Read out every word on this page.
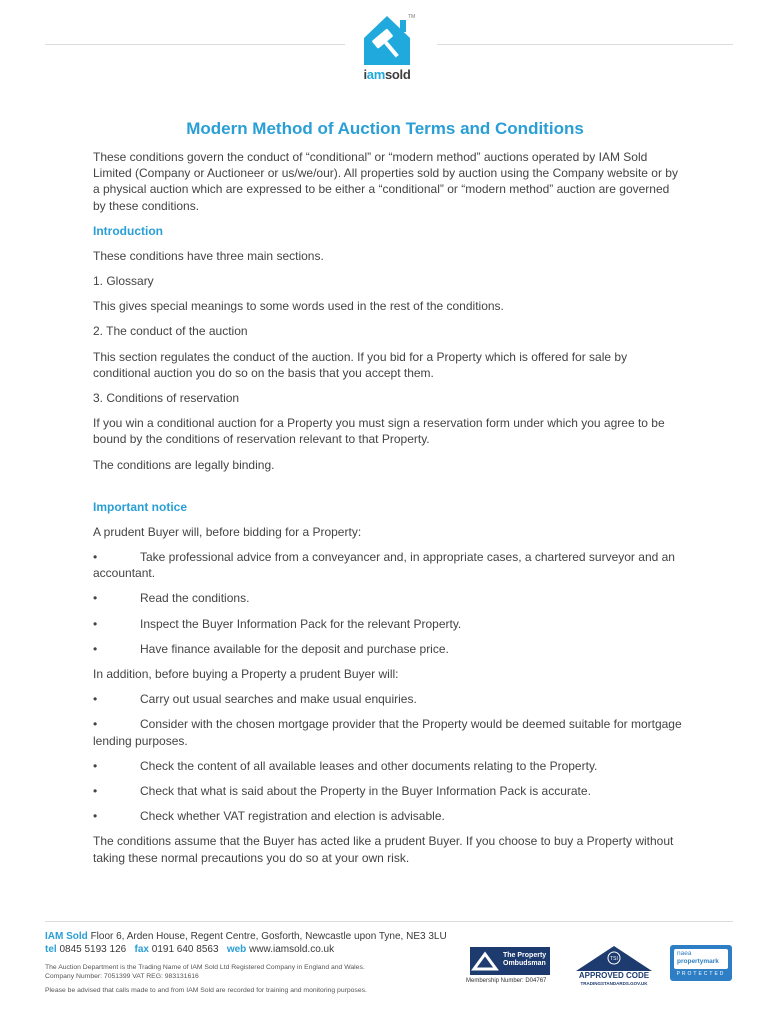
TM
iamsold
Modern Method of Auction Terms and Conditions

These conditions govern the conduct of “conditional” or “modern method” auctions operated by IAM Sold Limited (Company or Auctioneer or us/we/our). All properties sold by auction using the Company website or by a physical auction which are expressed to be either a “conditional” or “modern method” auction are governed by these conditions.

Introduction

These conditions have three main sections.

1. Glossary

This gives special meanings to some words used in the rest of the conditions.

2. The conduct of the auction

This section regulates the conduct of the auction. If you bid for a Property which is offered for sale by conditional auction you do so on the basis that you accept them.

3. Conditions of reservation

If you win a conditional auction for a Property you must sign a reservation form under which you agree to be bound by the conditions of reservation relevant to that Property.

The conditions are legally binding.

Important notice

A prudent Buyer will, before bidding for a Property:

•	Take professional advice from a conveyancer and, in appropriate cases, a chartered surveyor and an accountant.

•	Read the conditions.

•	Inspect the Buyer Information Pack for the relevant Property.

•	Have finance available for the deposit and purchase price.

In addition, before buying a Property a prudent Buyer will:

•	Carry out usual searches and make usual enquiries.

•	Consider with the chosen mortgage provider that the Property would be deemed suitable for mortgage lending purposes.

•	Check the content of all available leases and other documents relating to the Property.

•	Check that what is said about the Property in the Buyer Information Pack is accurate.

•	Check whether VAT registration and election is advisable.

The conditions assume that the Buyer has acted like a prudent Buyer. If you choose to buy a Property without taking these normal precautions you do so at your own risk.

IAM Sold Floor 6, Arden House, Regent Centre, Gosforth, Newcastle upon Tyne, NE3 3LU
tel 0845 5193 126 fax 0191 640 8563 web www.iamsold.co.uk
The Auction Department is the Trading Name of IAM Sold Ltd Registered Company in England and Wales.
Company Number: 7051399 VAT REG: 983131616
Please be advised that calls made to and from IAM Sold are recorded for training and monitoring purposes.
The Property
Ombudsman
Membership Number: D04767
TSI
APPROVED CODE
TRADINGSTANDARDS.GOV.UK
naea
propertymark
PROTECTED
